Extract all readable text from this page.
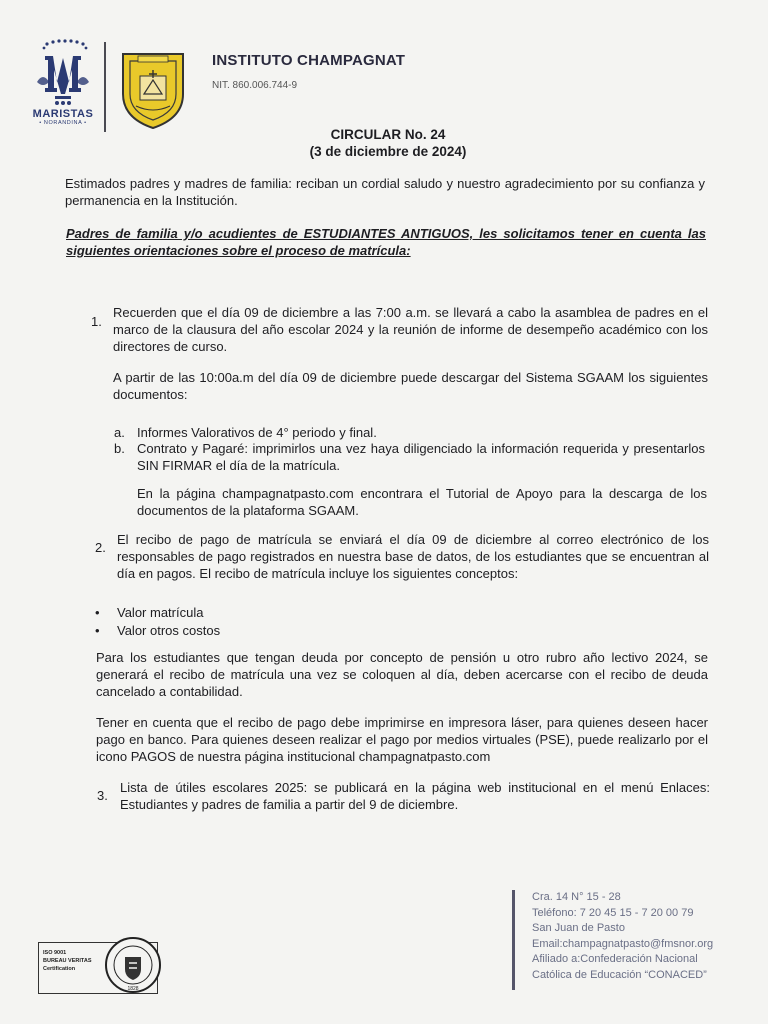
MARISTAS
• NORANDINA •
INSTITUTO CHAMPAGNAT
NIT. 860.006.744-9
CIRCULAR No. 24
(3 de diciembre de 2024)
Estimados padres y madres de familia: reciban un cordial saludo y nuestro agradecimiento por su confianza y permanencia en la Institución.
Padres de familia y/o acudientes de ESTUDIANTES ANTIGUOS, les solicitamos tener en cuenta las siguientes orientaciones sobre el proceso de matrícula:
1.
Recuerden que el día 09 de diciembre a las 7:00 a.m. se llevará a cabo la asamblea de padres en el marco de la clausura del año escolar 2024 y la reunión de informe de desempeño académico con los directores de curso.
A partir de las 10:00a.m del día 09 de diciembre puede descargar del Sistema SGAAM los siguientes documentos:
a. Informes Valorativos de 4° periodo y final.
b. Contrato y Pagaré: imprimirlos una vez haya diligenciado la información requerida y presentarlos SIN FIRMAR el día de la matrícula.
En la página champagnatpasto.com encontrara el Tutorial de Apoyo para la descarga de los documentos de la plataforma SGAAM.
2.
El recibo de pago de matrícula se enviará el día 09 de diciembre al correo electrónico de los responsables de pago registrados en nuestra base de datos, de los estudiantes que se encuentran al día en pagos. El recibo de matrícula incluye los siguientes conceptos:
• Valor matrícula
• Valor otros costos
Para los estudiantes que tengan deuda por concepto de pensión u otro rubro año lectivo 2024, se generará el recibo de matrícula una vez se coloquen al día, deben acercarse con el recibo de deuda cancelado a contabilidad.
Tener en cuenta que el recibo de pago debe imprimirse en impresora láser, para quienes deseen hacer pago en banco. Para quienes deseen realizar el pago por medios virtuales (PSE), puede realizarlo por el icono PAGOS de nuestra página institucional champagnatpasto.com
3.
Lista de útiles escolares 2025: se publicará en la página web institucional en el menú Enlaces: Estudiantes y padres de familia a partir del 9 de diciembre.
Cra. 14 N° 15 - 28
Teléfono: 7 20 45 15 - 7 20 00 79
San Juan de Pasto
Email:champagnatpasto@fmsnor.org
Afiliado a:Confederación Nacional
Católica de Educación “CONACED”
ISO 9001
BUREAU VERITAS
Certification
1828
